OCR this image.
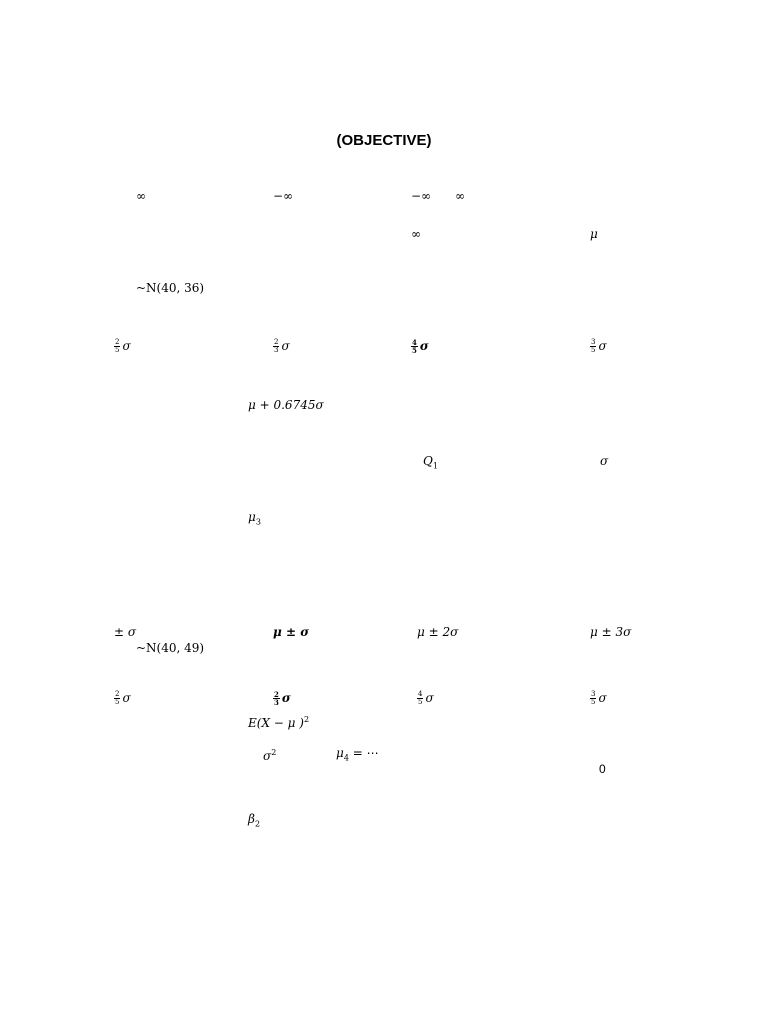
(OBJECTIVE)
∞	−∞	−∞ ∞
∞	μ
~N(40, 36)
$\frac{2}{5}$ σ	$\frac{2}{3}$ σ	$\frac{4}{5}$ σ	$\frac{3}{5}$ σ
μ + 0.6745σ
$Q_1$	σ
$\mu_3$
± σ	μ ± σ	μ ± 2σ	μ ± 3σ
~N(40, 49)
$\frac{2}{5}$ σ	$\frac{2}{3}$ σ	$\frac{4}{5}$ σ	$\frac{3}{5}$ σ
E(X − μ )$^2$
$\sigma^2$	$\mu_4$ = ⋯
0
$\beta_2$
